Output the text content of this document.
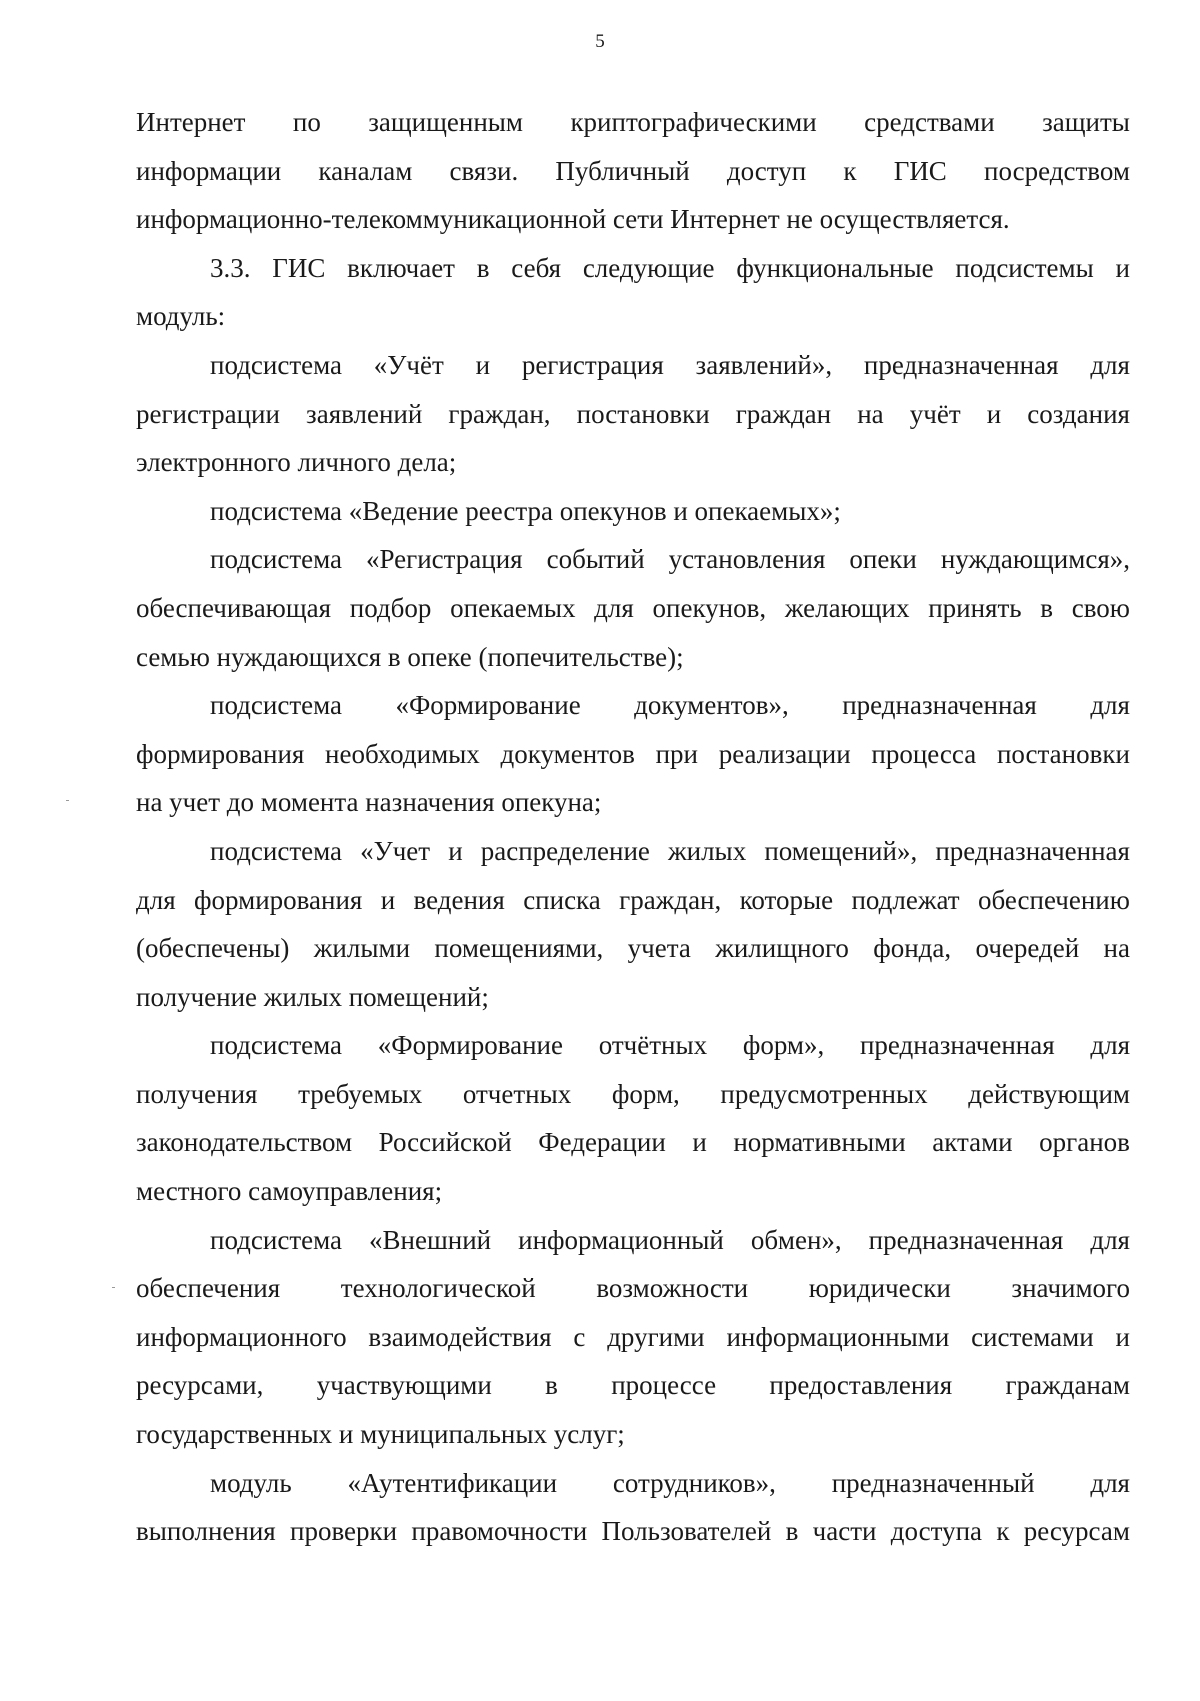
5
Интернет по защищенным криптографическими средствами защиты
информации каналам связи. Публичный доступ к ГИС посредством
информационно-телекоммуникационной сети Интернет не осуществляется.
3.3. ГИС включает в себя следующие функциональные подсистемы и
модуль:
подсистема «Учёт и регистрация заявлений», предназначенная для
регистрации заявлений граждан, постановки граждан на учёт и создания
электронного личного дела;
подсистема «Ведение реестра опекунов и опекаемых»;
подсистема «Регистрация событий установления опеки нуждающимся»,
обеспечивающая подбор опекаемых для опекунов, желающих принять в свою
семью нуждающихся в опеке (попечительстве);
подсистема «Формирование документов», предназначенная для
формирования необходимых документов при реализации процесса постановки
на учет до момента назначения опекуна;
подсистема «Учет и распределение жилых помещений», предназначенная
для формирования и ведения списка граждан, которые подлежат обеспечению
(обеспечены) жилыми помещениями, учета жилищного фонда, очередей на
получение жилых помещений;
подсистема «Формирование отчётных форм», предназначенная для
получения требуемых отчетных форм, предусмотренных действующим
законодательством Российской Федерации и нормативными актами органов
местного самоуправления;
подсистема «Внешний информационный обмен», предназначенная для
обеспечения технологической возможности юридически значимого
информационного взаимодействия с другими информационными системами и
ресурсами, участвующими в процессе предоставления гражданам
государственных и муниципальных услуг;
модуль «Аутентификации сотрудников», предназначенный для
выполнения проверки правомочности Пользователей в части доступа к ресурсам
